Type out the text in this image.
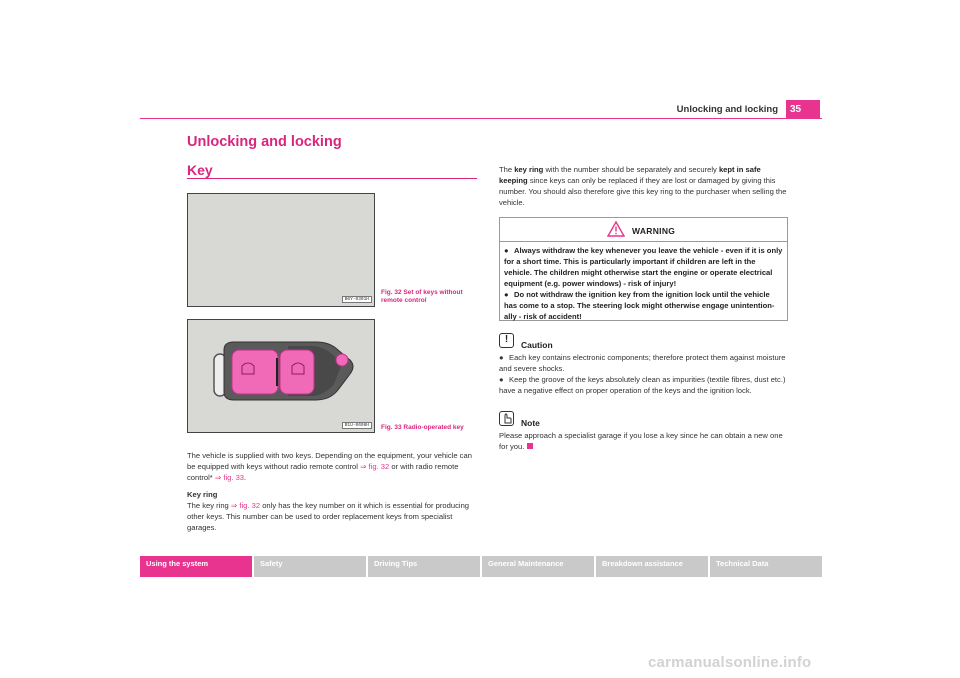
Unlocking and locking	35
Unlocking and locking
Key
B6Y-0301H
Fig. 32 Set of keys without remote control
B1U-0698H	Fig. 33 Radio-operated key
The vehicle is supplied with two keys. Depending on the equipment, your vehicle can be equipped with keys without radio remote control ⇒ fig. 32 or with radio remote control* ⇒ fig. 33.
Key ring
The key ring ⇒ fig. 32 only has the key number on it which is essential for producing other keys. This number can be used to order replacement keys from specialist garages.
The key ring with the number should be separately and securely kept in safe keeping since keys can only be replaced if they are lost or damaged by giving this number. You should also therefore give this key ring to the purchaser when selling the vehicle.
WARNING
● Always withdraw the key whenever you leave the vehicle - even if it is only for a short time. This is particularly important if children are left in the vehicle. The children might otherwise start the engine or operate electrical equipment (e.g. power windows) - risk of injury!
● Do not withdraw the ignition key from the ignition lock until the vehicle has come to a stop. The steering lock might otherwise engage unintention-ally - risk of accident!
!	Caution
● Each key contains electronic components; therefore protect them against moisture and severe shocks.
● Keep the groove of the keys absolutely clean as impurities (textile fibres, dust etc.) have a negative effect on proper operation of the keys and the ignition lock.
Note
Please approach a specialist garage if you lose a key since he can obtain a new one for you.
Using the system	Safety	Driving Tips	General Maintenance	Breakdown assistance	Technical Data
carmanualsonline.info
